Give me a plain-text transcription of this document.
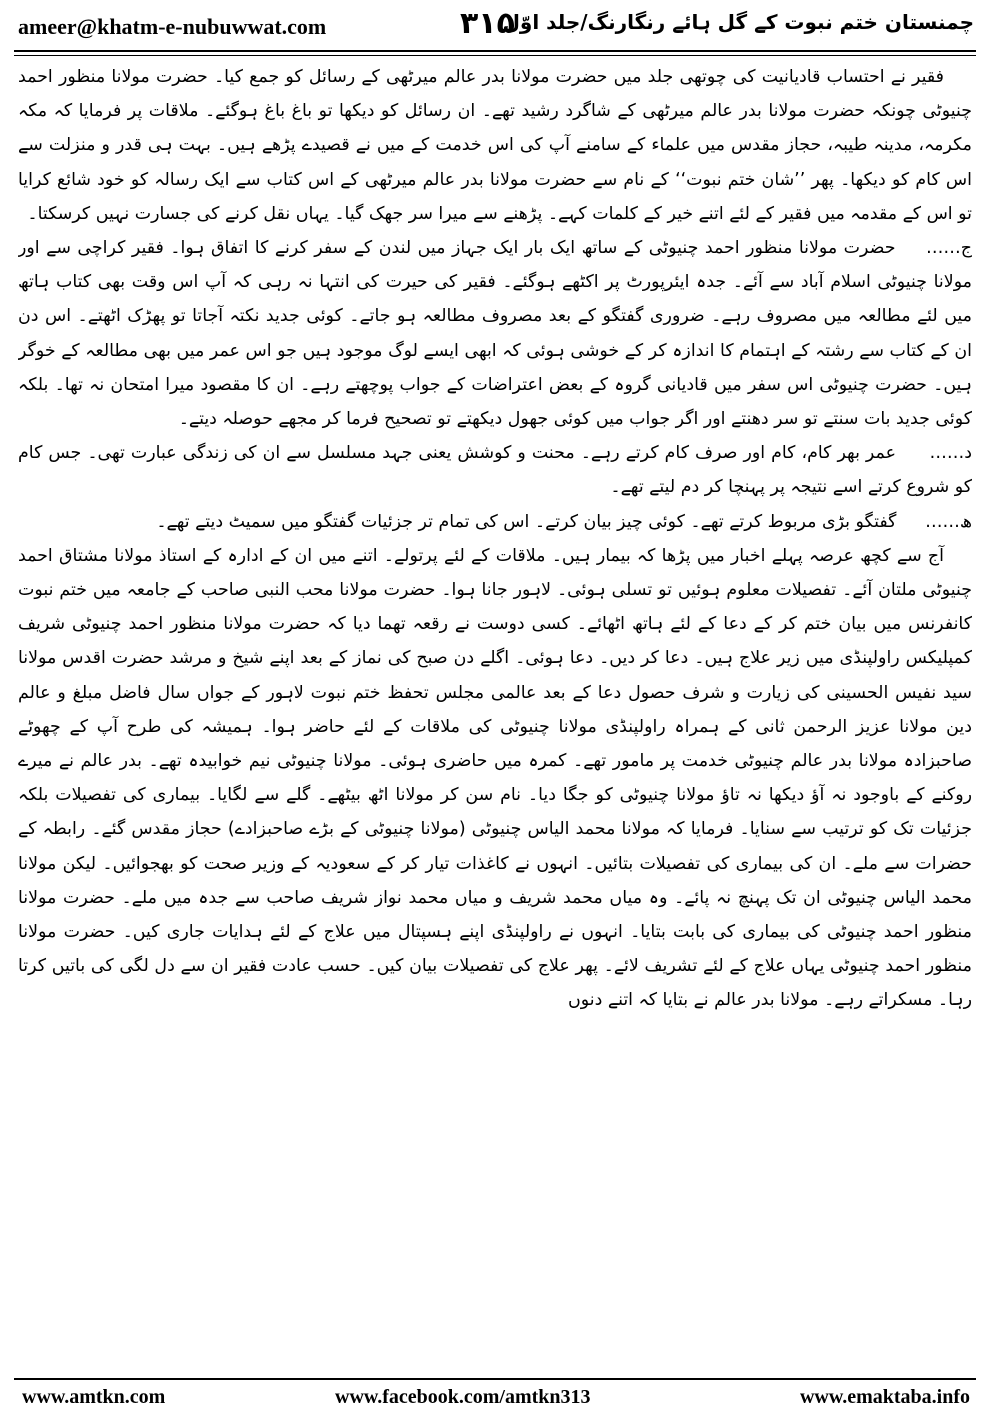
ameer@khatm-e-nubuwwat.com	۳۱۵
چمنستان ختم نبوت کے گل ہائے رنگارنگ/جلد اوّل

فقیر نے احتساب قادیانیت کی چوتھی جلد میں حضرت مولانا بدر عالم میرٹھی کے رسائل کو جمع کیا۔ حضرت مولانا منظور احمد چنیوٹی چونکہ حضرت مولانا بدر عالم میرٹھی کے شاگرد رشید تھے۔ ان رسائل کو دیکھا تو باغ باغ ہوگئے۔ ملاقات پر فرمایا کہ مکہ مکرمہ، مدینہ طیبہ، حجاز مقدس میں علماء کے سامنے آپ کی اس خدمت کے میں نے قصیدے پڑھے ہیں۔ بہت ہی قدر و منزلت سے اس کام کو دیکھا۔ پھر ’’شان ختم نبوت‘‘ کے نام سے حضرت مولانا بدر عالم میرٹھی کے اس کتاب سے ایک رسالہ کو خود شائع کرایا تو اس کے مقدمہ میں فقیر کے لئے اتنے خیر کے کلمات کہے۔ پڑھنے سے میرا سر جھک گیا۔ یہاں نقل کرنے کی جسارت نہیں کرسکتا۔

ج…… حضرت مولانا منظور احمد چنیوٹی کے ساتھ ایک بار ایک جہاز میں لندن کے سفر کرنے کا اتفاق ہوا۔ فقیر کراچی سے اور مولانا چنیوٹی اسلام آباد سے آئے۔ جدہ ایئرپورٹ پر اکٹھے ہوگئے۔ فقیر کی حیرت کی انتہا نہ رہی کہ آپ اس وقت بھی کتاب ہاتھ میں لئے مطالعہ میں مصروف رہے۔ ضروری گفتگو کے بعد مصروف مطالعہ ہو جاتے۔ کوئی جدید نکتہ آجاتا تو پھڑک اٹھتے۔ اس دن ان کے کتاب سے رشتہ کے اہتمام کا اندازہ کر کے خوشی ہوئی کہ ابھی ایسے لوگ موجود ہیں جو اس عمر میں بھی مطالعہ کے خوگر ہیں۔ حضرت چنیوٹی اس سفر میں قادیانی گروہ کے بعض اعتراضات کے جواب پوچھتے رہے۔ ان کا مقصود میرا امتحان نہ تھا۔ بلکہ کوئی جدید بات سنتے تو سر دھنتے اور اگر جواب میں کوئی جھول دیکھتے تو تصحیح فرما کر مجھے حوصلہ دیتے۔

د…… عمر بھر کام، کام اور صرف کام کرتے رہے۔ محنت و کوشش یعنی جہد مسلسل سے ان کی زندگی عبارت تھی۔ جس کام کو شروع کرتے اسے نتیجہ پر پہنچا کر دم لیتے تھے۔

ھ…… گفتگو بڑی مربوط کرتے تھے۔ کوئی چیز بیان کرتے۔ اس کی تمام تر جزئیات گفتگو میں سمیٹ دیتے تھے۔

آج سے کچھ عرصہ پہلے اخبار میں پڑھا کہ بیمار ہیں۔ ملاقات کے لئے پرتولے۔ اتنے میں ان کے ادارہ کے استاذ مولانا مشتاق احمد چنیوٹی ملتان آئے۔ تفصیلات معلوم ہوئیں تو تسلی ہوئی۔ لاہور جانا ہوا۔ حضرت مولانا محب النبی صاحب کے جامعہ میں ختم نبوت کانفرنس میں بیان ختم کر کے دعا کے لئے ہاتھ اٹھائے۔ کسی دوست نے رقعہ تھما دیا کہ حضرت مولانا منظور احمد چنیوٹی شریف کمپلیکس راولپنڈی میں زیر علاج ہیں۔ دعا کر دیں۔ دعا ہوئی۔ اگلے دن صبح کی نماز کے بعد اپنے شیخ و مرشد حضرت اقدس مولانا سید نفیس الحسینی کی زیارت و شرف حصول دعا کے بعد عالمی مجلس تحفظ ختم نبوت لاہور کے جواں سال فاضل مبلغ و عالم دین مولانا عزیز الرحمن ثانی کے ہمراہ راولپنڈی مولانا چنیوٹی کی ملاقات کے لئے حاضر ہوا۔ ہمیشہ کی طرح آپ کے چھوٹے صاحبزادہ مولانا بدر عالم چنیوٹی خدمت پر مامور تھے۔ کمرہ میں حاضری ہوئی۔ مولانا چنیوٹی نیم خوابیدہ تھے۔ بدر عالم نے میرے روکنے کے باوجود نہ آؤ دیکھا نہ تاؤ مولانا چنیوٹی کو جگا دیا۔ نام سن کر مولانا اٹھ بیٹھے۔ گلے سے لگایا۔ بیماری کی تفصیلات بلکہ جزئیات تک کو ترتیب سے سنایا۔ فرمایا کہ مولانا محمد الیاس چنیوٹی (مولانا چنیوٹی کے بڑے صاحبزادے) حجاز مقدس گئے۔ رابطہ کے حضرات سے ملے۔ ان کی بیماری کی تفصیلات بتائیں۔ انہوں نے کاغذات تیار کر کے سعودیہ کے وزیر صحت کو بھجوائیں۔ لیکن مولانا محمد الیاس چنیوٹی ان تک پہنچ نہ پائے۔ وہ میاں محمد شریف و میاں محمد نواز شریف صاحب سے جدہ میں ملے۔ حضرت مولانا منظور احمد چنیوٹی کی بیماری کی بابت بتایا۔ انہوں نے راولپنڈی اپنے ہسپتال میں علاج کے لئے ہدایات جاری کیں۔ حضرت مولانا منظور احمد چنیوٹی یہاں علاج کے لئے تشریف لائے۔ پھر علاج کی تفصیلات بیان کیں۔ حسب عادت فقیر ان سے دل لگی کی باتیں کرتا رہا۔ مسکراتے رہے۔ مولانا بدر عالم نے بتایا کہ اتنے دنوں

www.amtkn.com	www.facebook.com/amtkn313	www.emaktaba.info
